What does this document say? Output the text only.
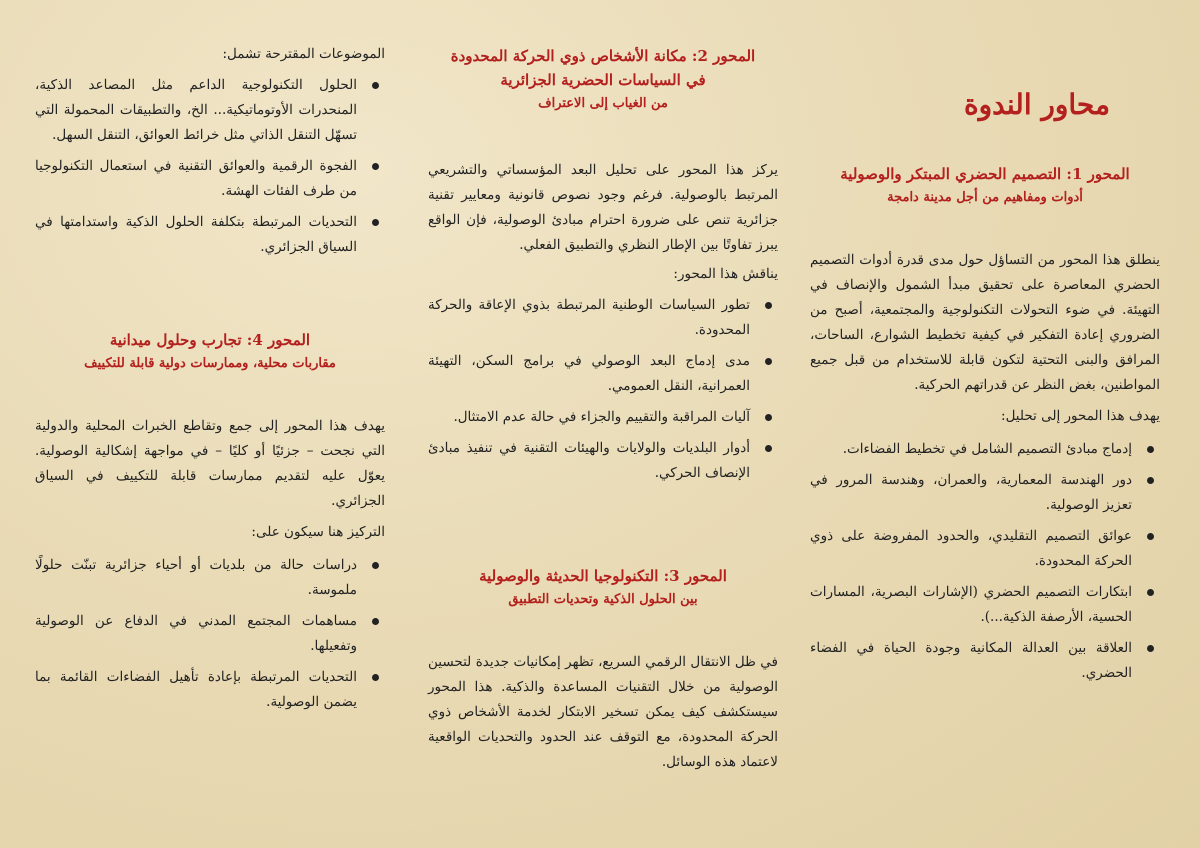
محاور الندوة

المحور 1: التصميم الحضري المبتكر والوصولية

أدوات ومفاهيم من أجل مدينة دامجة

ينطلق هذا المحور من التساؤل حول مدى قدرة أدوات التصميم الحضري المعاصرة على تحقيق مبدأ الشمول والإنصاف في التهيئة. في ضوء التحولات التكنولوجية والمجتمعية، أصبح من الضروري إعادة التفكير في كيفية تخطيط الشوارع، الساحات، المرافق والبنى التحتية لتكون قابلة للاستخدام من قبل جميع المواطنين، بغض النظر عن قدراتهم الحركية.

يهدف هذا المحور إلى تحليل:

إدماج مبادئ التصميم الشامل في تخطيط الفضاءات.
دور الهندسة المعمارية، والعمران، وهندسة المرور في تعزيز الوصولية.
عوائق التصميم التقليدي، والحدود المفروضة على ذوي الحركة المحدودة.
ابتكارات التصميم الحضري (الإشارات البصرية، المسارات الحسية، الأرصفة الذكية...).
العلاقة بين العدالة المكانية وجودة الحياة في الفضاء الحضري.

المحور 2: مكانة الأشخاص ذوي الحركة المحدودة

في السياسات الحضرية الجزائرية

من الغياب إلى الاعتراف

يركز هذا المحور على تحليل البعد المؤسساتي والتشريعي المرتبط بالوصولية. فرغم وجود نصوص قانونية ومعايير تقنية جزائرية تنص على ضرورة احترام مبادئ الوصولية، فإن الواقع يبرز تفاوتًا بين الإطار النظري والتطبيق الفعلي.

يناقش هذا المحور:

تطور السياسات الوطنية المرتبطة بذوي الإعاقة والحركة المحدودة.
مدى إدماج البعد الوصولي في برامج السكن، التهيئة العمرانية، النقل العمومي.
آليات المراقبة والتقييم والجزاء في حالة عدم الامتثال.
أدوار البلديات والولايات والهيئات التقنية في تنفيذ مبادئ الإنصاف الحركي.

المحور 3: التكنولوجيا الحديثة والوصولية

بين الحلول الذكية وتحديات التطبيق

في ظل الانتقال الرقمي السريع، تظهر إمكانيات جديدة لتحسين الوصولية من خلال التقنيات المساعدة والذكية. هذا المحور سيستكشف كيف يمكن تسخير الابتكار لخدمة الأشخاص ذوي الحركة المحدودة، مع التوقف عند الحدود والتحديات الواقعية لاعتماد هذه الوسائل.

الموضوعات المقترحة تشمل:

الحلول التكنولوجية الداعم مثل المصاعد الذكية، المنحدرات الأوتوماتيكية... الخ، والتطبيقات المحمولة التي تسهّل التنقل الذاتي مثل خرائط العوائق، التنقل السهل.
الفجوة الرقمية والعوائق التقنية في استعمال التكنولوجيا من طرف الفئات الهشة.
التحديات المرتبطة بتكلفة الحلول الذكية واستدامتها في السياق الجزائري.

المحور 4: تجارب وحلول ميدانية

مقاربات محلية، وممارسات دولية قابلة للتكييف

يهدف هذا المحور إلى جمع وتقاطع الخبرات المحلية والدولية التي نجحت – جزئيًا أو كليًا – في مواجهة إشكالية الوصولية. يعوّل عليه لتقديم ممارسات قابلة للتكييف في السياق الجزائري.

التركيز هنا سيكون على:

دراسات حالة من بلديات أو أحياء جزائرية تبنّت حلولًا ملموسة.
مساهمات المجتمع المدني في الدفاع عن الوصولية وتفعيلها.
التحديات المرتبطة بإعادة تأهيل الفضاءات القائمة بما يضمن الوصولية.
